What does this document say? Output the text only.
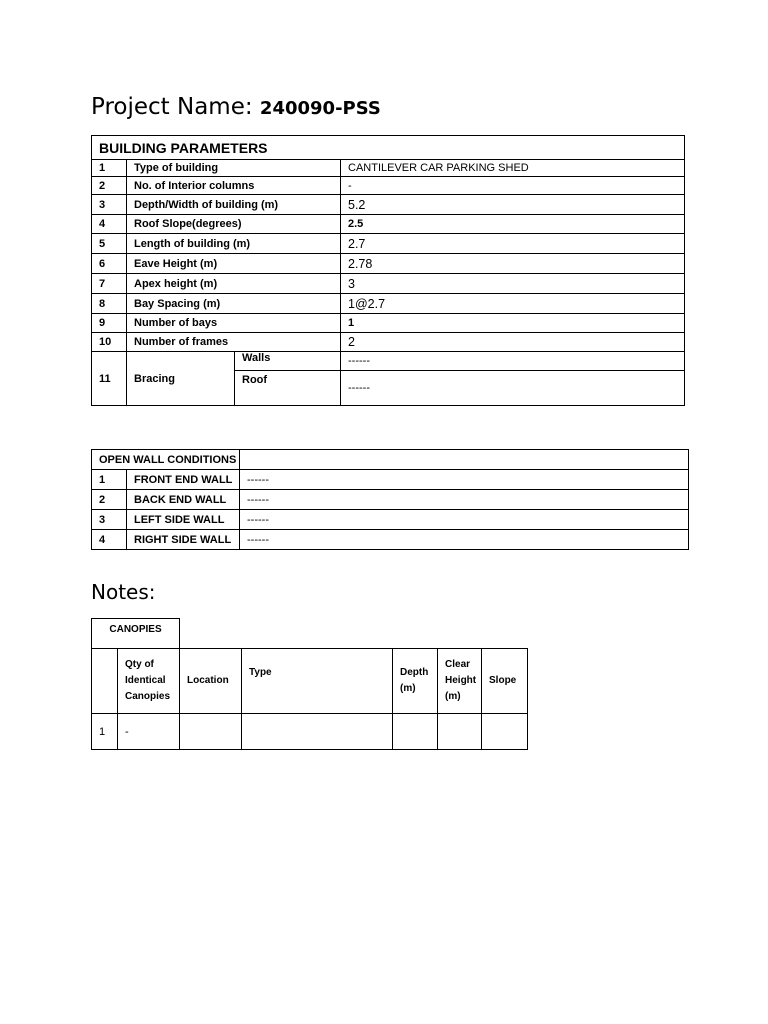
Project Name: 240090-PSS
BUILDING PARAMETERS			
1	Type of building		CANTILEVER CAR PARKING SHED
2	No. of Interior columns		-
3	Depth/Width of building (m)		5.2
4	Roof Slope(degrees)		2.5
5	Length of building (m)		2.7
6	Eave Height (m)		2.78
7	Apex height (m)		3
8	Bay Spacing (m)		1@2.7
9	Number of bays		1
10	Number of frames		2
11	Bracing	Walls	------
		Roof	------
OPEN WALL CONDITIONS		
1	FRONT END WALL	------
2	BACK END WALL	------
3	LEFT SIDE WALL	------
4	RIGHT SIDE WALL	------
Notes:
CANOPIES						
	Qty of Identical Canopies	Location	Type	Depth (m)	Clear Height (m)	Slope
1	-					
